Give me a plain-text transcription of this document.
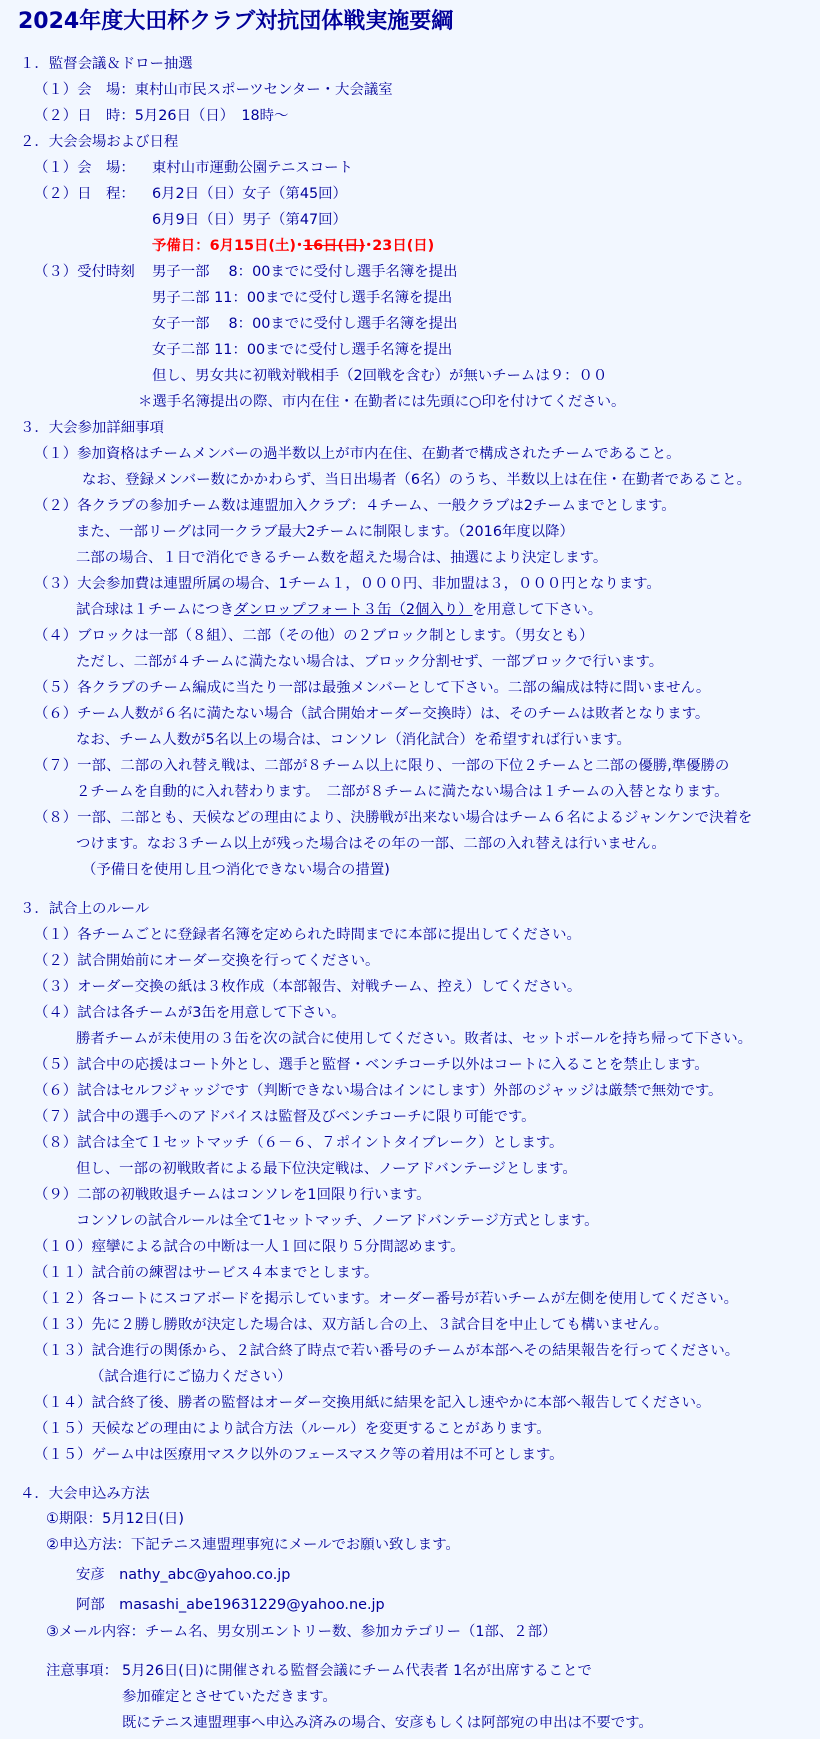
2024年度大田杯クラブ対抗団体戦実施要綱
１．監督会議＆ドロー抽選
（１）会　場：東村山市民スポーツセンター・大会議室
（２）日　時：5月26日（日）　18時～
２．大会会場および日程
（１）会　場： 東村山市運動公園テニスコート
（２）日　程： 6月2日（日）女子（第45回）
6月9日（日）男子（第47回）
予備日：6月15日(土)･16日(日)･23日(日)
（３）受付時刻 男子一部　 8：00までに受付し選手名簿を提出
男子二部 11：00までに受付し選手名簿を提出
女子一部　 8：00までに受付し選手名簿を提出
女子二部 11：00までに受付し選手名簿を提出
但し、男女共に初戦対戦相手（2回戦を含む）が無いチームは９：００
＊選手名簿提出の際、市内在住・在勤者には先頭に○印を付けてください。
３．大会参加詳細事項
（１）参加資格はチームメンバーの過半数以上が市内在住、在勤者で構成されたチームであること。
なお、登録メンバー数にかかわらず、当日出場者（6名）のうち、半数以上は在住・在勤者であること。
（２）各クラブの参加チーム数は連盟加入クラブ：４チーム、一般クラブは2チームまでとします。
また、一部リーグは同一クラブ最大2チームに制限します。（2016年度以降）
二部の場合、１日で消化できるチーム数を超えた場合は、抽選により決定します。
（３）大会参加費は連盟所属の場合、1チーム１，０００円、非加盟は３，０００円となります。
試合球は１チームにつきダンロップフォート３缶（2個入り）を用意して下さい。
（４）ブロックは一部（８組）、二部（その他）の２ブロック制とします。（男女とも）
ただし、二部が４チームに満たない場合は、ブロック分割せず、一部ブロックで行います。
（５）各クラブのチーム編成に当たり一部は最強メンバーとして下さい。二部の編成は特に問いません。
（６）チーム人数が６名に満たない場合（試合開始オーダー交換時）は、そのチームは敗者となります。
なお、チーム人数が5名以上の場合は、コンソレ（消化試合）を希望すれば行います。
（７）一部、二部の入れ替え戦は、二部が８チーム以上に限り、一部の下位２チームと二部の優勝,準優勝の
２チームを自動的に入れ替わります。　二部が８チームに満たない場合は１チームの入替となります。
（８）一部、二部とも、天候などの理由により、決勝戦が出来ない場合はチーム６名によるジャンケンで決着を
つけます。なお３チーム以上が残った場合はその年の一部、二部の入れ替えは行いません。
（予備日を使用し且つ消化できない場合の措置)
３．試合上のルール
（１）各チームごとに登録者名簿を定められた時間までに本部に提出してください。
（２）試合開始前にオーダー交換を行ってください。
（３）オーダー交換の紙は３枚作成（本部報告、対戦チーム、控え）してください。
（４）試合は各チームが3缶を用意して下さい。
勝者チームが未使用の３缶を次の試合に使用してください。敗者は、セットボールを持ち帰って下さい。
（５）試合中の応援はコート外とし、選手と監督・ベンチコーチ以外はコートに入ることを禁止します。
（６）試合はセルフジャッジです（判断できない場合はインにします）外部のジャッジは厳禁で無効です。
（７）試合中の選手へのアドバイスは監督及びベンチコーチに限り可能です。
（８）試合は全て１セットマッチ（６－６、７ポイントタイブレーク）とします。
但し、一部の初戦敗者による最下位決定戦は、ノーアドバンテージとします。
（９）二部の初戦敗退チームはコンソレを1回限り行います。
コンソレの試合ルールは全て1セットマッチ、ノーアドバンテージ方式とします。
（１０）痙攣による試合の中断は一人１回に限り５分間認めます。
（１１）試合前の練習はサービス４本までとします。
（１２）各コートにスコアボードを掲示しています。オーダー番号が若いチームが左側を使用してください。
（１３）先に２勝し勝敗が決定した場合は、双方話し合の上、３試合目を中止しても構いません。
（１３）試合進行の関係から、２試合終了時点で若い番号のチームが本部へその結果報告を行ってください。
（試合進行にご協力ください）
（１４）試合終了後、勝者の監督はオーダー交換用紙に結果を記入し速やかに本部へ報告してください。
（１５）天候などの理由により試合方法（ルール）を変更することがあります。
（１５）ゲーム中は医療用マスク以外のフェースマスク等の着用は不可とします。
４．大会申込み方法
①期限：5月12日(日)
②申込方法：下記テニス連盟理事宛にメールでお願い致します。
安彦　nathy_abc@yahoo.co.jp
阿部　masashi_abe19631229@yahoo.ne.jp
③メール内容：チーム名、男女別エントリー数、参加カテゴリー（1部、２部）
注意事項： 5月26日(日)に開催される監督会議にチーム代表者 1名が出席することで
参加確定とさせていただきます。
既にテニス連盟理事へ申込み済みの場合、安彦もしくは阿部宛の申出は不要です。
